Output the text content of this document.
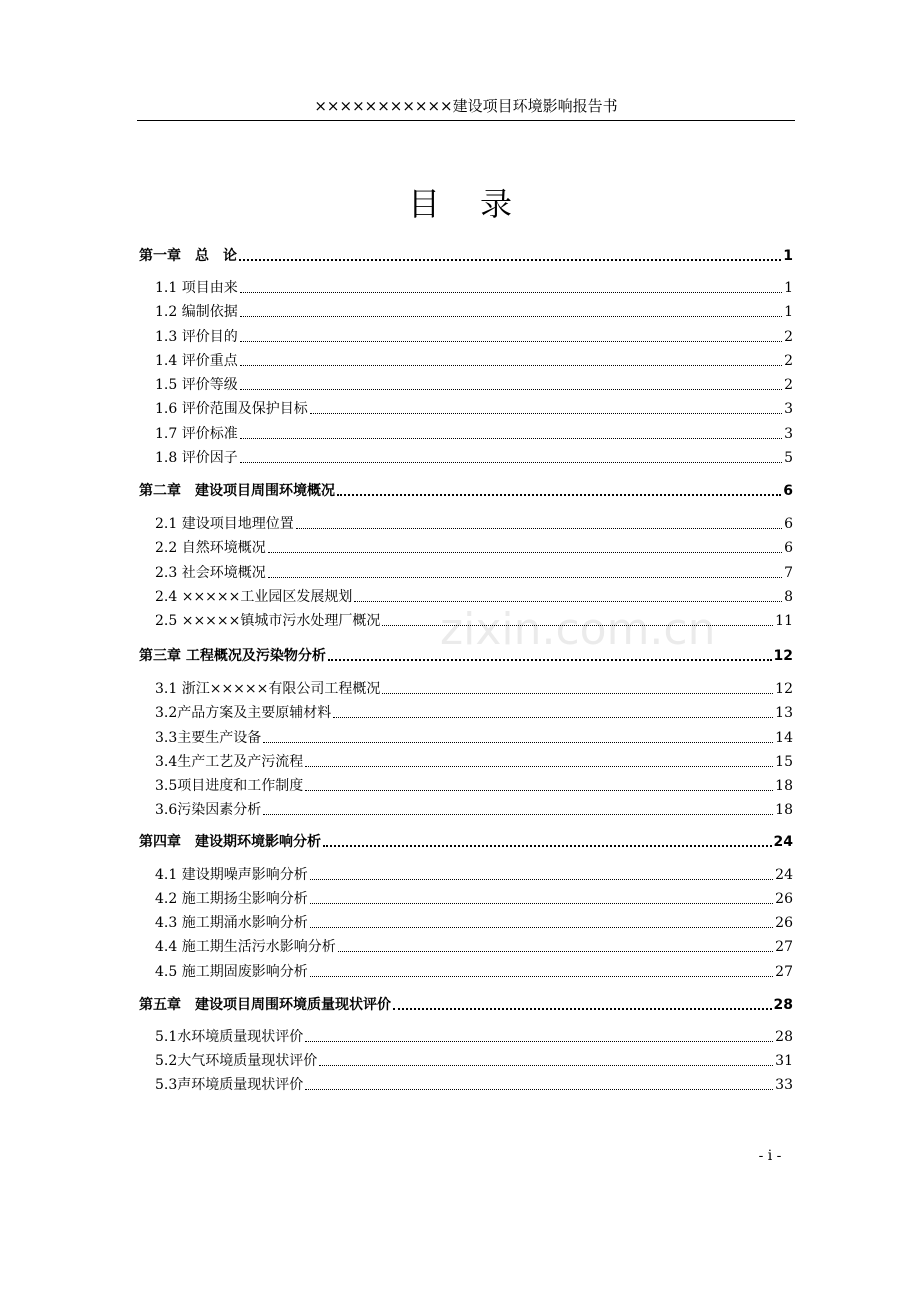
×××××××××××建设项目环境影响报告书
目录
zixin.com.cn
第一章　总　论	1
1.1 项目由来	1
1.2 编制依据	1
1.3 评价目的	2
1.4 评价重点	2
1.5 评价等级	2
1.6 评价范围及保护目标	3
1.7 评价标准	3
1.8 评价因子	5
第二章　建设项目周围环境概况	6
2.1 建设项目地理位置	6
2.2 自然环境概况	6
2.3 社会环境概况	7
2.4 ×××××工业园区发展规划	8
2.5 ×××××镇城市污水处理厂概况	11
第三章 工程概况及污染物分析	12
3.1 浙江×××××有限公司工程概况	12
3.2产品方案及主要原辅材料	13
3.3主要生产设备	14
3.4生产工艺及产污流程	15
3.5项目进度和工作制度	18
3.6污染因素分析	18
第四章　建设期环境影响分析	24
4.1 建设期噪声影响分析	24
4.2 施工期扬尘影响分析	26
4.3 施工期涌水影响分析	26
4.4 施工期生活污水影响分析	27
4.5 施工期固废影响分析	27
第五章　建设项目周围环境质量现状评价	28
5.1水环境质量现状评价	28
5.2大气环境质量现状评价	31
5.3声环境质量现状评价	33
- i -
